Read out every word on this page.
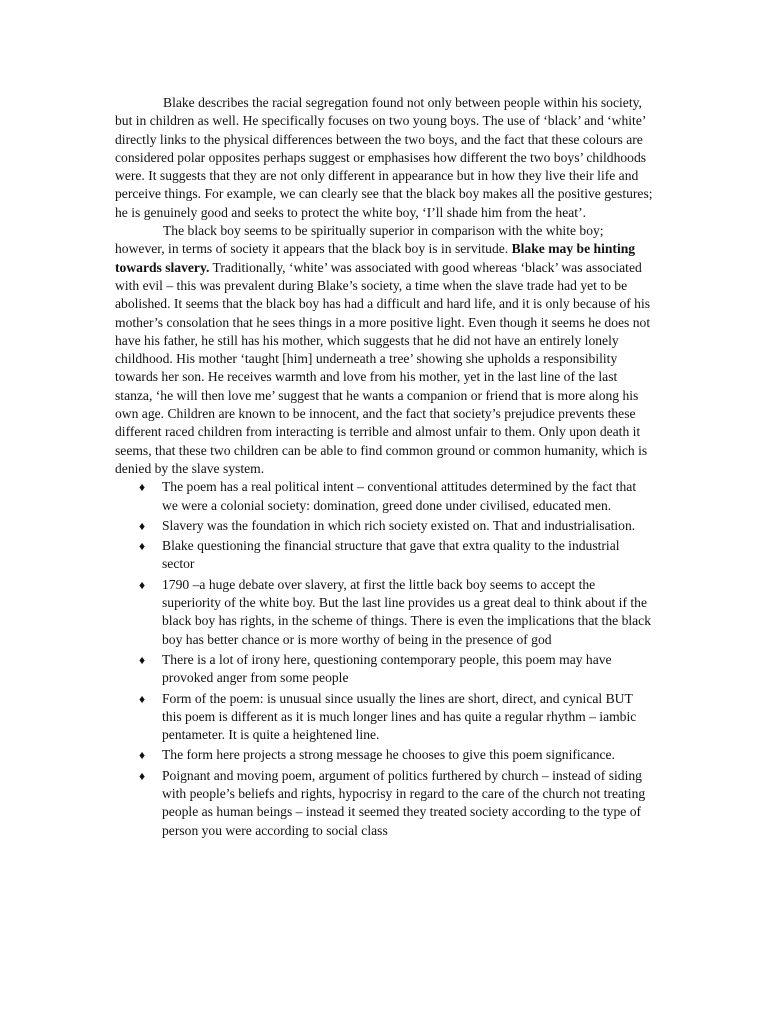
Blake describes the racial segregation found not only between people within his society, but in children as well. He specifically focuses on two young boys. The use of ‘black’ and ‘white’ directly links to the physical differences between the two boys, and the fact that these colours are considered polar opposites perhaps suggest or emphasises how different the two boys’ childhoods were. It suggests that they are not only different in appearance but in how they live their life and perceive things. For example, we can clearly see that the black boy makes all the positive gestures; he is genuinely good and seeks to protect the white boy, ‘I’ll shade him from the heat’.

The black boy seems to be spiritually superior in comparison with the white boy; however, in terms of society it appears that the black boy is in servitude. Blake may be hinting towards slavery. Traditionally, ‘white’ was associated with good whereas ‘black’ was associated with evil – this was prevalent during Blake’s society, a time when the slave trade had yet to be abolished. It seems that the black boy has had a difficult and hard life, and it is only because of his mother’s consolation that he sees things in a more positive light. Even though it seems he does not have his father, he still has his mother, which suggests that he did not have an entirely lonely childhood. His mother ‘taught [him] underneath a tree’ showing she upholds a responsibility towards her son. He receives warmth and love from his mother, yet in the last line of the last stanza, ‘he will then love me’ suggest that he wants a companion or friend that is more along his own age. Children are known to be innocent, and the fact that society’s prejudice prevents these different raced children from interacting is terrible and almost unfair to them. Only upon death it seems, that these two children can be able to find common ground or common humanity, which is denied by the slave system.

♦ The poem has a real political intent – conventional attitudes determined by the fact that we were a colonial society: domination, greed done under civilised, educated men.
♦ Slavery was the foundation in which rich society existed on. That and industrialisation.
♦ Blake questioning the financial structure that gave that extra quality to the industrial sector
♦ 1790 –a huge debate over slavery, at first the little back boy seems to accept the superiority of the white boy. But the last line provides us a great deal to think about if the black boy has rights, in the scheme of things. There is even the implications that the black boy has better chance or is more worthy of being in the presence of god
♦ There is a lot of irony here, questioning contemporary people, this poem may have provoked anger from some people
♦ Form of the poem: is unusual since usually the lines are short, direct, and cynical BUT this poem is different as it is much longer lines and has quite a regular rhythm – iambic pentameter. It is quite a heightened line.
♦ The form here projects a strong message he chooses to give this poem significance.
♦ Poignant and moving poem, argument of politics furthered by church – instead of siding with people’s beliefs and rights, hypocrisy in regard to the care of the church not treating people as human beings – instead it seemed they treated society according to the type of person you were according to social class
